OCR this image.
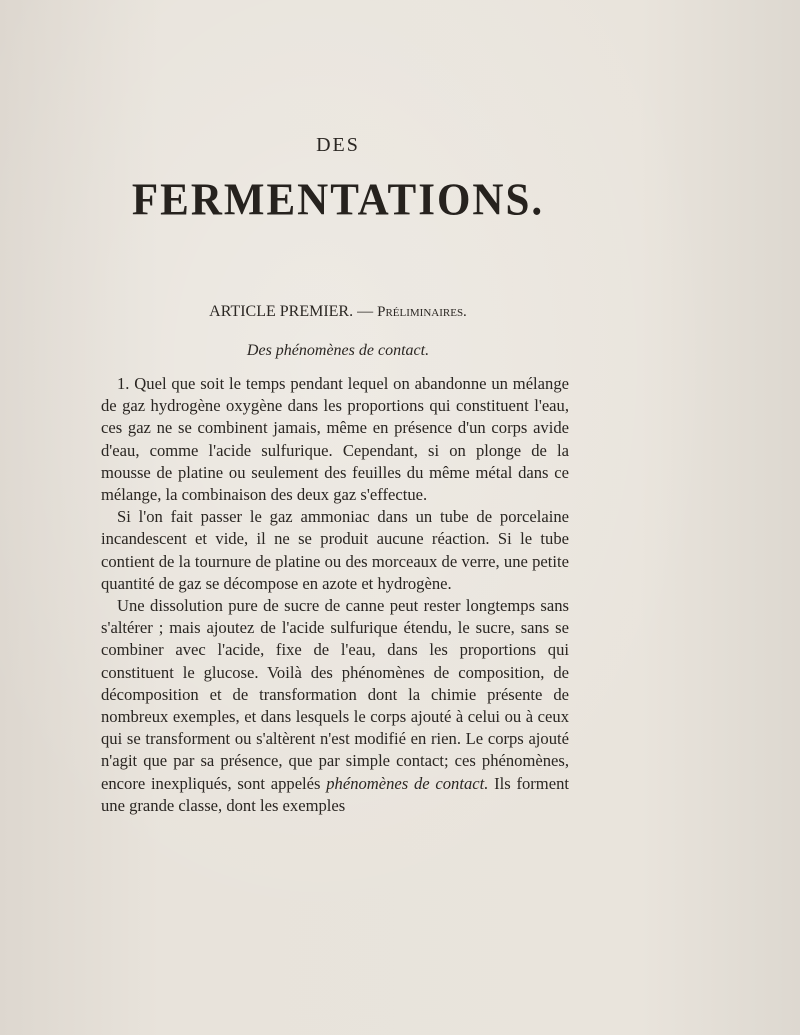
DES
FERMENTATIONS.
ARTICLE PREMIER. — Préliminaires.
Des phénomènes de contact.

1. Quel que soit le temps pendant lequel on abandonne un mélange de gaz hydrogène oxygène dans les proportions qui constituent l'eau, ces gaz ne se combinent jamais, même en présence d'un corps avide d'eau, comme l'acide sulfurique. Cependant, si on plonge de la mousse de platine ou seulement des feuilles du même métal dans ce mélange, la combinaison des deux gaz s'effectue.

Si l'on fait passer le gaz ammoniac dans un tube de porcelaine incandescent et vide, il ne se produit aucune réaction. Si le tube contient de la tournure de platine ou des morceaux de verre, une petite quantité de gaz se décompose en azote et hydrogène.

Une dissolution pure de sucre de canne peut rester longtemps sans s'altérer ; mais ajoutez de l'acide sulfurique étendu, le sucre, sans se combiner avec l'acide, fixe de l'eau, dans les proportions qui constituent le glucose. Voilà des phénomènes de composition, de décomposition et de transformation dont la chimie présente de nombreux exemples, et dans lesquels le corps ajouté à celui ou à ceux qui se transforment ou s'altèrent n'est modifié en rien. Le corps ajouté n'agit que par sa présence, que par simple contact; ces phénomènes, encore inexpliqués, sont appelés phénomènes de contact. Ils forment une grande classe, dont les exemples
